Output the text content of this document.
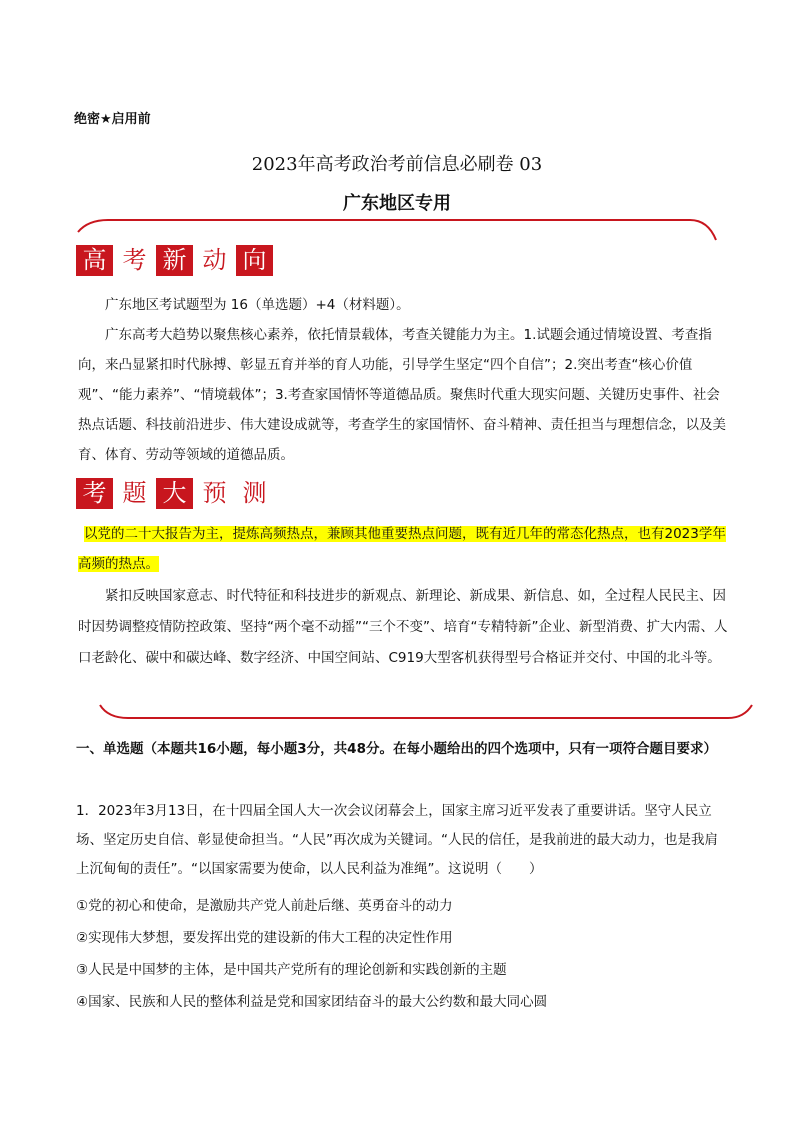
绝密★启用前
2023年高考政治考前信息必刷卷 03
广东地区专用
高 考 新 动 向
广东地区考试题型为 16（单选题）+4（材料题）。
广东高考大趋势以聚焦核心素养，依托情景载体，考查关键能力为主。1.试题会通过情境设置、考查指向，来凸显紧扣时代脉搏、彰显五育并举的育人功能，引导学生坚定“四个自信”；2.突出考查“核心价值观”、“能力素养”、“情境载体”；3.考查家国情怀等道德品质。聚焦时代重大现实问题、关键历史事件、社会热点话题、科技前沿进步、伟大建设成就等，考查学生的家国情怀、奋斗精神、责任担当与理想信念，以及美育、体育、劳动等领域的道德品质。
考 题 大 预 测
以党的二十大报告为主，提炼高频热点，兼顾其他重要热点问题，既有近几年的常态化热点，也有2023学年高频的热点。
紧扣反映国家意志、时代特征和科技进步的新观点、新理论、新成果、新信息、如，全过程人民民主、因时因势调整疫情防控政策、坚持“两个毫不动摇”“三个不变”、培育“专精特新”企业、新型消费、扩大内需、人口老龄化、碳中和碳达峰、数字经济、中国空间站、C919大型客机获得型号合格证并交付、中国的北斗等。
一、单选题（本题共16小题，每小题3分，共48分。在每小题给出的四个选项中，只有一项符合题目要求）
1．2023年3月13日，在十四届全国人大一次会议闭幕会上，国家主席习近平发表了重要讲话。坚守人民立场、坚定历史自信、彰显使命担当。“人民”再次成为关键词。“人民的信任，是我前进的最大动力，也是我肩上沉甸甸的责任”。“以国家需要为使命，以人民利益为准绳”。这说明（　　）
①党的初心和使命，是激励共产党人前赴后继、英勇奋斗的动力
②实现伟大梦想，要发挥出党的建设新的伟大工程的决定性作用
③人民是中国梦的主体，是中国共产党所有的理论创新和实践创新的主题
④国家、民族和人民的整体利益是党和国家团结奋斗的最大公约数和最大同心圆
